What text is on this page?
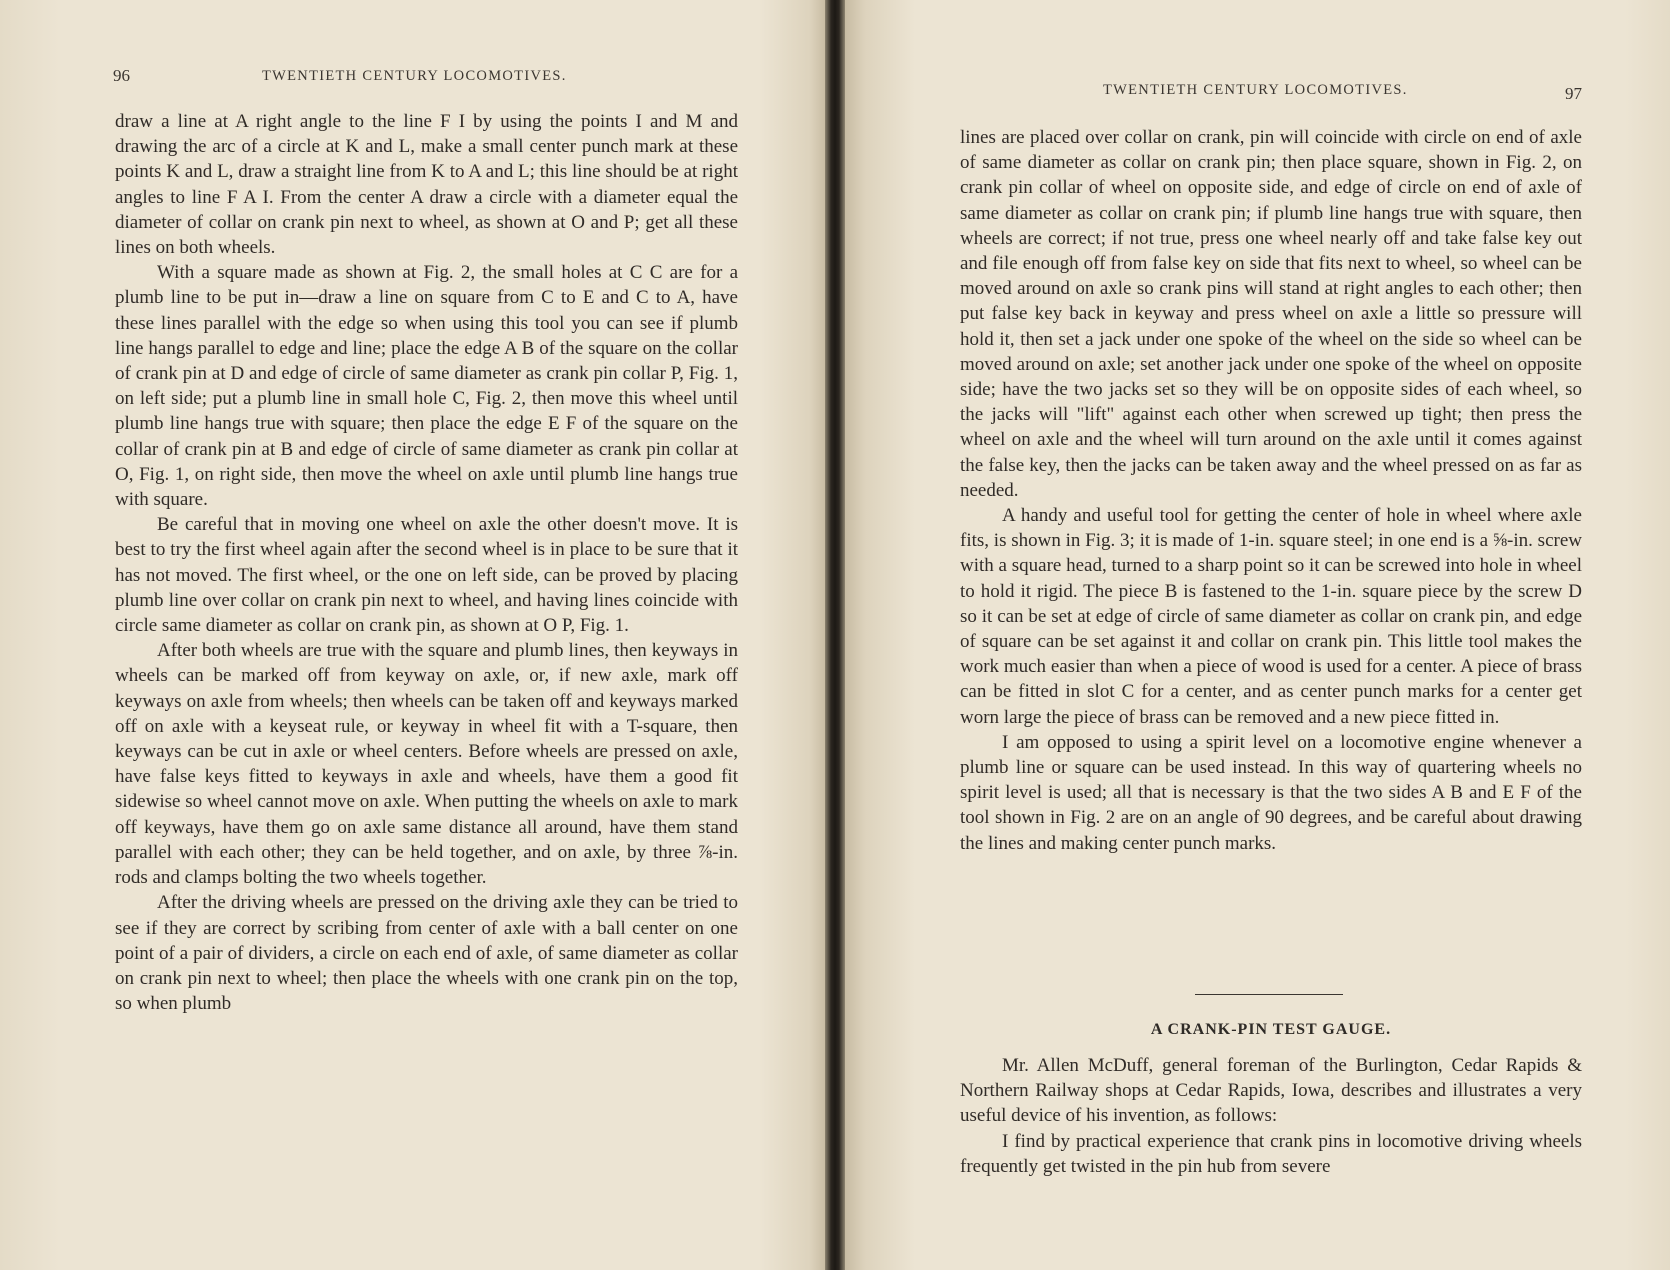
96	TWENTIETH CENTURY LOCOMOTIVES.

draw a line at A right angle to the line F I by using the points I and M and drawing the arc of a circle at K and L, make a small center punch mark at these points K and L, draw a straight line from K to A and L; this line should be at right angles to line F A I. From the center A draw a circle with a diameter equal the diameter of collar on crank pin next to wheel, as shown at O and P; get all these lines on both wheels.

With a square made as shown at Fig. 2, the small holes at C C are for a plumb line to be put in—draw a line on square from C to E and C to A, have these lines parallel with the edge so when using this tool you can see if plumb line hangs parallel to edge and line; place the edge A B of the square on the collar of crank pin at D and edge of circle of same diameter as crank pin collar P, Fig. 1, on left side; put a plumb line in small hole C, Fig. 2, then move this wheel until plumb line hangs true with square; then place the edge E F of the square on the collar of crank pin at B and edge of circle of same diameter as crank pin collar at O, Fig. 1, on right side, then move the wheel on axle until plumb line hangs true with square.

Be careful that in moving one wheel on axle the other doesn't move. It is best to try the first wheel again after the second wheel is in place to be sure that it has not moved. The first wheel, or the one on left side, can be proved by placing plumb line over collar on crank pin next to wheel, and having lines coincide with circle same diameter as collar on crank pin, as shown at O P, Fig. 1.

After both wheels are true with the square and plumb lines, then keyways in wheels can be marked off from keyway on axle, or, if new axle, mark off keyways on axle from wheels; then wheels can be taken off and keyways marked off on axle with a keyseat rule, or keyway in wheel fit with a T-square, then keyways can be cut in axle or wheel centers. Before wheels are pressed on axle, have false keys fitted to keyways in axle and wheels, have them a good fit sidewise so wheel cannot move on axle. When putting the wheels on axle to mark off keyways, have them go on axle same distance all around, have them stand parallel with each other; they can be held together, and on axle, by three ⅞-in. rods and clamps bolting the two wheels together.

After the driving wheels are pressed on the driving axle they can be tried to see if they are correct by scribing from center of axle with a ball center on one point of a pair of dividers, a circle on each end of axle, of same diameter as collar on crank pin next to wheel; then place the wheels with one crank pin on the top, so when plumb

TWENTIETH CENTURY LOCOMOTIVES.	97

lines are placed over collar on crank, pin will coincide with circle on end of axle of same diameter as collar on crank pin; then place square, shown in Fig. 2, on crank pin collar of wheel on opposite side, and edge of circle on end of axle of same diameter as collar on crank pin; if plumb line hangs true with square, then wheels are correct; if not true, press one wheel nearly off and take false key out and file enough off from false key on side that fits next to wheel, so wheel can be moved around on axle so crank pins will stand at right angles to each other; then put false key back in keyway and press wheel on axle a little so pressure will hold it, then set a jack under one spoke of the wheel on the side so wheel can be moved around on axle; set another jack under one spoke of the wheel on opposite side; have the two jacks set so they will be on opposite sides of each wheel, so the jacks will "lift" against each other when screwed up tight; then press the wheel on axle and the wheel will turn around on the axle until it comes against the false key, then the jacks can be taken away and the wheel pressed on as far as needed.

A handy and useful tool for getting the center of hole in wheel where axle fits, is shown in Fig. 3; it is made of 1-in. square steel; in one end is a ⅝-in. screw with a square head, turned to a sharp point so it can be screwed into hole in wheel to hold it rigid. The piece B is fastened to the 1-in. square piece by the screw D so it can be set at edge of circle of same diameter as collar on crank pin, and edge of square can be set against it and collar on crank pin. This little tool makes the work much easier than when a piece of wood is used for a center. A piece of brass can be fitted in slot C for a center, and as center punch marks for a center get worn large the piece of brass can be removed and a new piece fitted in.

I am opposed to using a spirit level on a locomotive engine whenever a plumb line or square can be used instead. In this way of quartering wheels no spirit level is used; all that is necessary is that the two sides A B and E F of the tool shown in Fig. 2 are on an angle of 90 degrees, and be careful about drawing the lines and making center punch marks.

A CRANK-PIN TEST GAUGE.

Mr. Allen McDuff, general foreman of the Burlington, Cedar Rapids & Northern Railway shops at Cedar Rapids, Iowa, describes and illustrates a very useful device of his invention, as follows:

I find by practical experience that crank pins in locomotive driving wheels frequently get twisted in the pin hub from severe
